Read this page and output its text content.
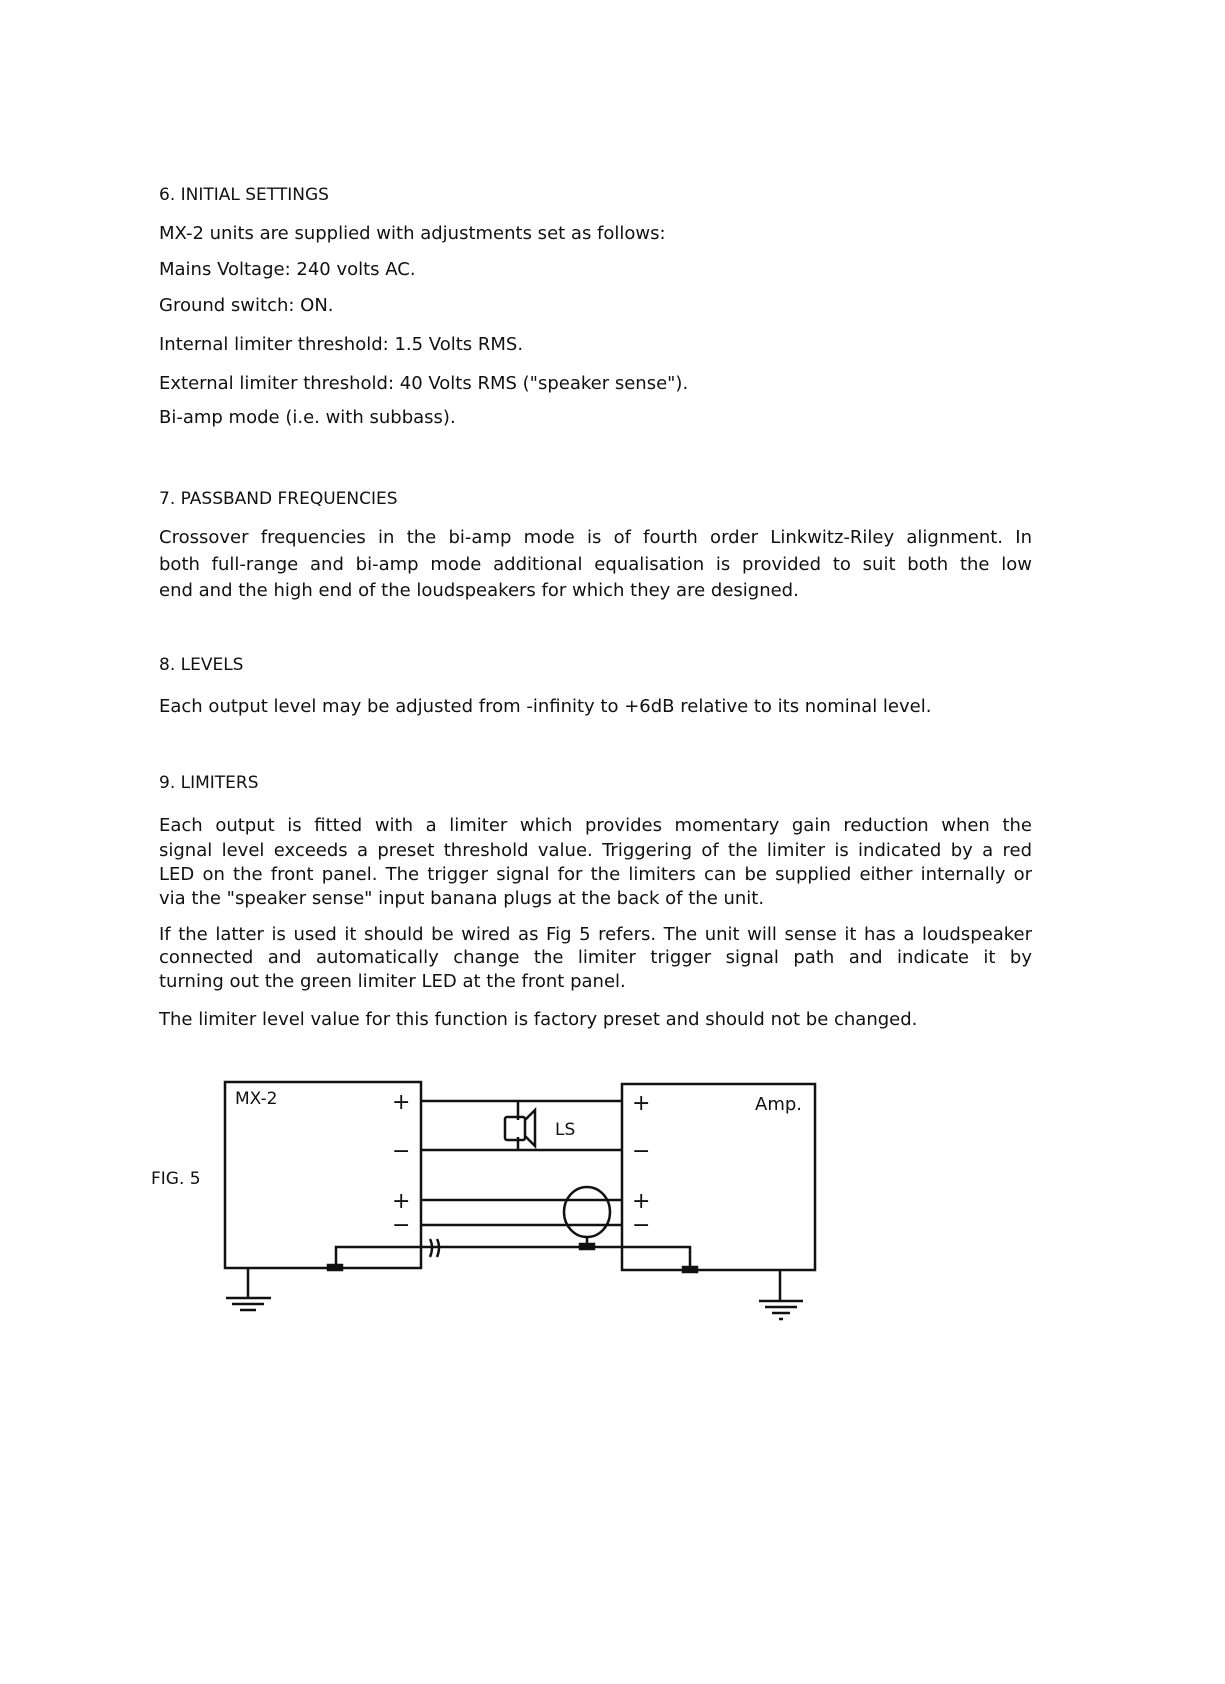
6. INITIAL SETTINGS
MX-2 units are supplied with adjustments set as follows:
Mains Voltage: 240 volts AC.
Ground switch: ON.
Internal limiter threshold: 1.5 Volts RMS.
External limiter threshold: 40 Volts RMS ("speaker sense").
Bi-amp mode (i.e. with subbass).
7. PASSBAND FREQUENCIES
Crossover frequencies in the bi-amp mode is of fourth order Linkwitz-Riley alignment. In
both full-range and bi-amp mode additional equalisation is provided to suit both the low
end and the high end of the loudspeakers for which they are designed.
8. LEVELS
Each output level may be adjusted from -infinity to +6dB relative to its nominal level.
9. LIMITERS
Each output is fitted with a limiter which provides momentary gain reduction when the
signal level exceeds a preset threshold value. Triggering of the limiter is indicated by a red
LED on the front panel. The trigger signal for the limiters can be supplied either internally or
via the "speaker sense" input banana plugs at the back of the unit.
If the latter is used it should be wired as Fig 5 refers. The unit will sense it has a loudspeaker
connected and automatically change the limiter trigger signal path and indicate it by
turning out the green limiter LED at the front panel.
The limiter level value for this function is factory preset and should not be changed.
FIG. 5
MX-2	Amp.
+
−
+
−
+
−
+
−
LS
